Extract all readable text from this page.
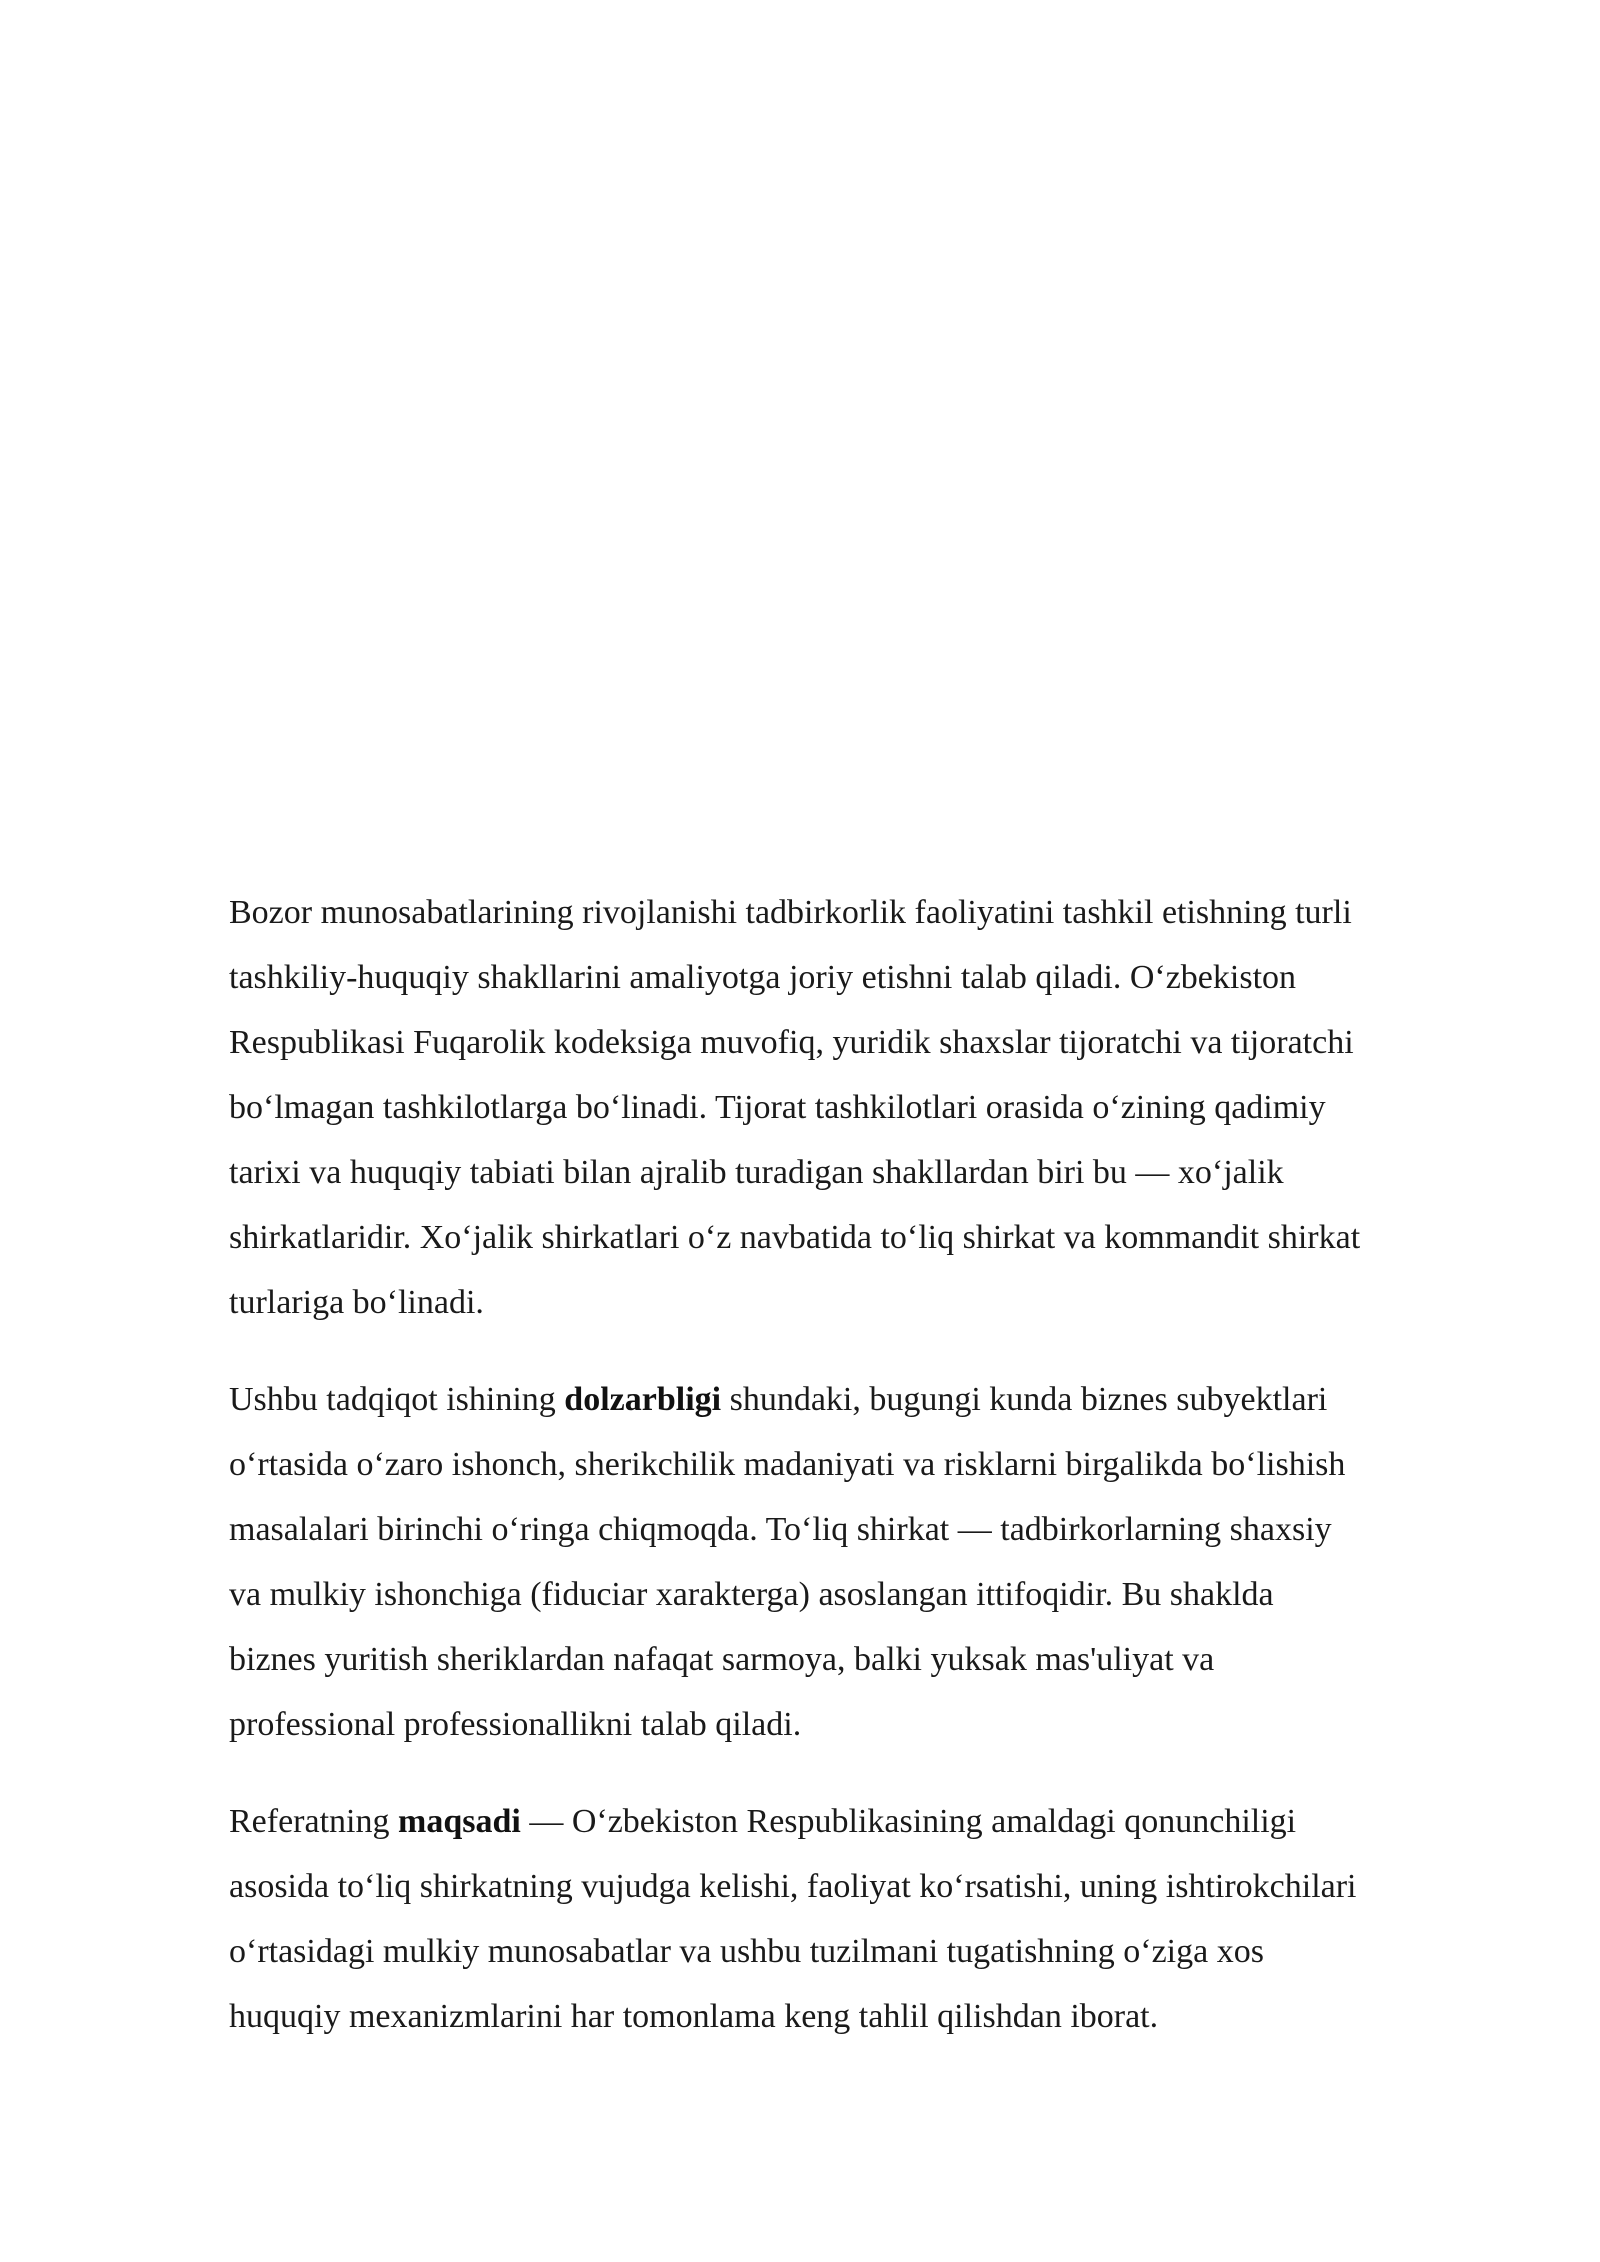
Bozor munosabatlarining rivojlanishi tadbirkorlik faoliyatini tashkil etishning turli
tashkiliy-huquqiy shakllarini amaliyotga joriy etishni talab qiladi. O‘zbekiston
Respublikasi Fuqarolik kodeksiga muvofiq, yuridik shaxslar tijoratchi va tijoratchi
bo‘lmagan tashkilotlarga bo‘linadi. Tijorat tashkilotlari orasida o‘zining qadimiy
tarixi va huquqiy tabiati bilan ajralib turadigan shakllardan biri bu — xo‘jalik
shirkatlaridir. Xo‘jalik shirkatlari o‘z navbatida to‘liq shirkat va kommandit shirkat
turlariga bo‘linadi.

Ushbu tadqiqot ishining dolzarbligi shundaki, bugungi kunda biznes subyektlari
o‘rtasida o‘zaro ishonch, sherikchilik madaniyati va risklarni birgalikda bo‘lishish
masalalari birinchi o‘ringa chiqmoqda. To‘liq shirkat — tadbirkorlarning shaxsiy
va mulkiy ishonchiga (fiduciar xarakterga) asoslangan ittifoqidir. Bu shaklda
biznes yuritish sheriklardan nafaqat sarmoya, balki yuksak mas'uliyat va
professional professionallikni talab qiladi.

Referatning maqsadi — O‘zbekiston Respublikasining amaldagi qonunchiligi
asosida to‘liq shirkatning vujudga kelishi, faoliyat ko‘rsatishi, uning ishtirokchilari
o‘rtasidagi mulkiy munosabatlar va ushbu tuzilmani tugatishning o‘ziga xos
huquqiy mexanizmlarini har tomonlama keng tahlil qilishdan iborat.
